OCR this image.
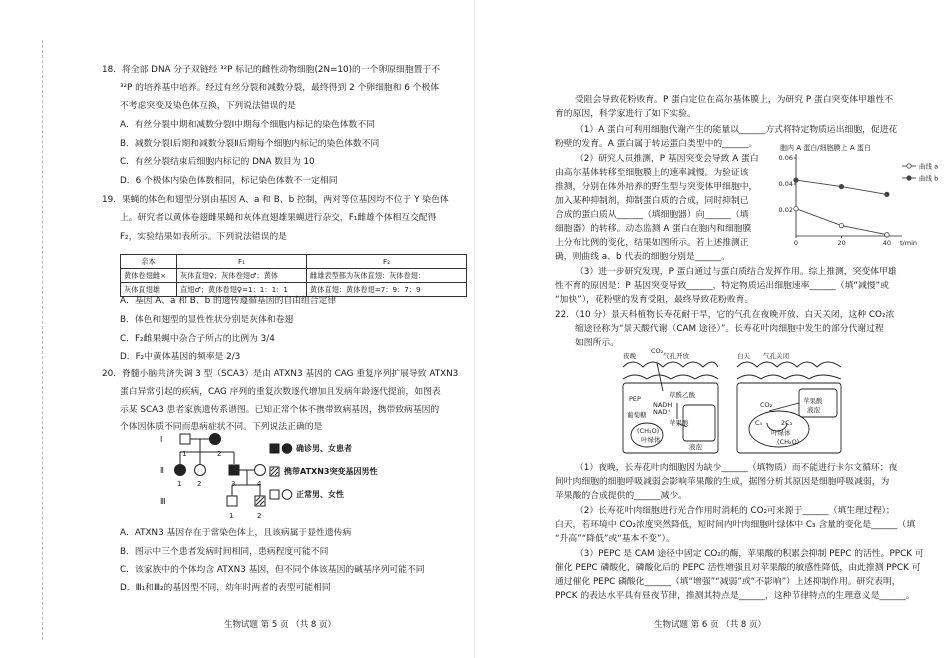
18．将全部 DNA 分子双链经 ³²P 标记的雌性动物细胞(2N=10)的一个卵原细胞置于不
³²P 的培养基中培养。经过有丝分裂和减数分裂，最终得到 2 个卵细胞和 6 个极体
不考虑突变及染色体互换，下列说法错误的是
A．有丝分裂中期和减数分裂Ⅰ中期每个细胞内标记的染色体数不同
B．减数分裂Ⅰ后期和减数分裂Ⅱ后期每个细胞内标记的染色体数不同
C．有丝分裂结束后细胞内标记的 DNA 数目为 10
D．6 个极体内染色体数相同，标记染色体数不一定相同
19．果蝇的体色和翅型分别由基因 A、a 和 B、b 控制，两对等位基因均不位于 Y 染色体
上。研究者以黄体卷翅雌果蝇和灰体直翅雄果蝇进行杂交，F₁雌雄个体相互交配得
F₂，实验结果如表所示。下列说法错误的是
亲本	F₁	F₂
黄体卷翅雌×	灰体直翅♀；灰体卷翅♂；黄体	雌雄表型都为灰体直翅：灰体卷翅：
灰体直翅雄	直翅♂；黄体卷翅♀=1：1：1：1	黄体直翅：黄体卷翅=7：9：7：9
A．基因 A、a 和 B、b 的遗传遵循基因的自由组合定律
B．体色和翅型的显性性状分别是灰体和卷翅
C．F₂雌果蝇中杂合子所占的比例为 3/4
D．F₂中黄体基因的频率是 2/3
20．脊髓小脑共济失调 3 型（SCA3）是由 ATXN3 基因的 CAG 重复序列扩展导致 ATXN3
蛋白异常引起的疾病，CAG 序列的重复次数逐代增加且发病年龄逐代提前，如图表
示某 SCA3 患者家族遗传系谱图。已知正常个体不携带致病基因，携带致病基因的
个体因体质不同而患病症状不同。下列说法正确的是
Ⅰ
Ⅱ
Ⅲ
1	2
1 2	3	4
1	2
确诊男、女患者
携带ATXN3突变基因男性
正常男、女性
A．ATXN3 基因存在于常染色体上，且该病属于显性遗传病
B．图示中三个患者发病时间相同，患病程度可能不同
C．该家族中的个体均含 ATXN3 基因，但不同个体该基因的碱基序列可能不同
D．Ⅲ₁和Ⅲ₂的基因型不同，幼年时两者的表型可能相同
生物试题 第 5 页 （共 8 页）
受阻会导致花粉败育。P 蛋白定位在高尔基体膜上，为研究 P 蛋白突变体甲雄性不
育的原因，科学家进行了如下实验。
（1）A 蛋白可利用细胞代谢产生的能量以______方式将特定物质运出细胞，促进花
粉壁的发育。A 蛋白属于转运蛋白类型中的______。
（2）研究人员推测，P 基因突变会导致 A 蛋白
由高尔基体转移至细胞膜上的速率减慢。为验证该
推测，分别在体外培养的野生型与突变体甲细胞中，
加入某种抑制剂，抑制蛋白质的合成，同时抑制已
合成的蛋白质从______（填细胞器）向______（填
细胞器）的转移。动态监测 A 蛋白在胞内和细胞膜
上分布比例的变化，结果如图所示。若上述推测正
确，则曲线 a、b 代表的细胞分别是______。
（3）进一步研究发现，P 蛋白通过与蛋白质结合发挥作用。综上推测，突变体甲雄
性不育的原因是：P 基因突变导致______，特定物质运出细胞速率______（填“减慢”或
“加快”），花粉壁的发育受阻，最终导致花粉败育。
22．（10 分）景天科植物长寿花耐干旱，它的气孔在夜晚开放、白天关闭，这种 CO₂浓
缩途径称为“景天酸代谢（CAM 途径）”。长寿花叶肉细胞中发生的部分代谢过程
如图所示。
（1）夜晚，长寿花叶肉细胞因为缺少______（填物质）而不能进行卡尔文循环；夜
间叶肉细胞的细胞呼吸减弱会影响苹果酸的生成，据图分析其原因是细胞呼吸减弱，为
苹果酸的合成提供的______减少。
（2）长寿花叶肉细胞进行光合作用时消耗的 CO₂可来源于______（填生理过程）；
白天，若环境中 CO₂浓度突然降低，短时间内叶肉细胞叶绿体中 C₃ 含量的变化是______（填
“升高”“降低”或“基本不变”）。
（3）PEPC 是 CAM 途径中固定 CO₂的酶，苹果酸的积累会抑制 PEPC 的活性。PPCK 可
催化 PEPC 磷酸化，磷酸化后的 PEPC 活性增强且对苹果酸的敏感性降低，由此推测 PPCK 可
通过催化 PEPC 磷酸化______（填“增强”“减弱”或“不影响”）上述抑制作用。研究表明，
PPCK 的表达水平具有昼夜节律，推测其特点是______，这种节律特点的生理意义是______。
生物试题 第 6 页 （共 8 页）
胞内 A 蛋白/细胞膜上 A 蛋白
0.02
0.04
0.06
0	20	40 t/min
曲线 a
曲线 b
夜晚	白天
CO₂
气孔开放	气孔关闭
PEP
葡萄糖
草酰乙酸
NADH
NAD⁺
苹果酸
(CH₂O)
叶绿体
液泡
苹果酸
液泡
CO₂
C₅	2C₃
叶绿体
(CH₂O)
